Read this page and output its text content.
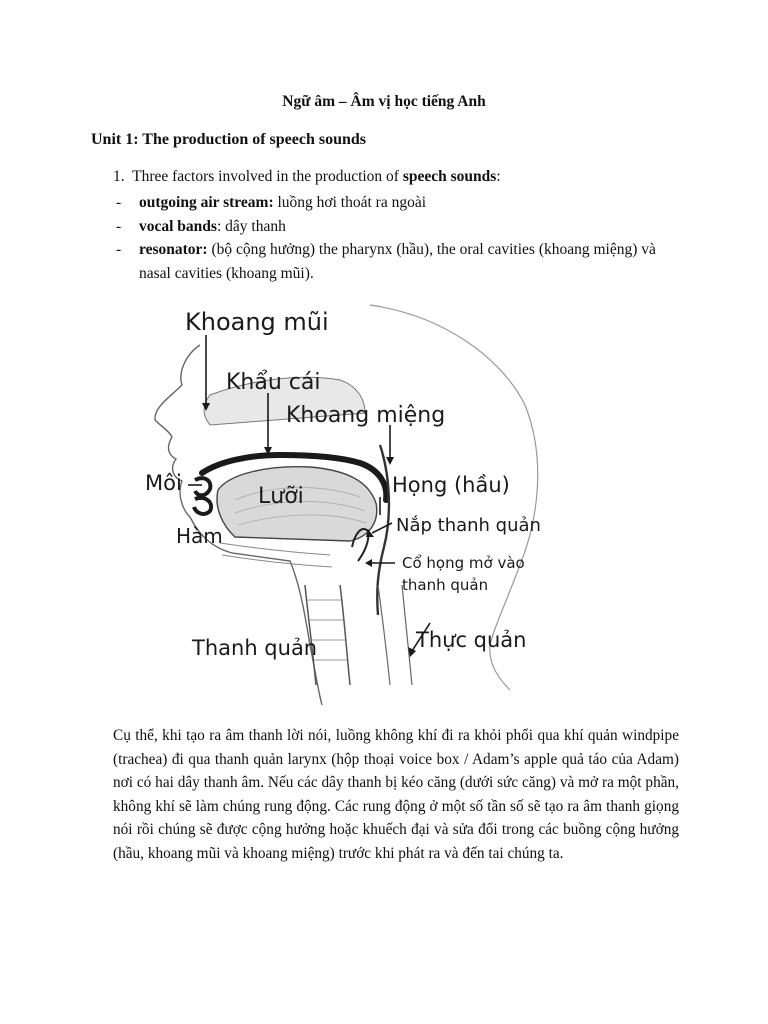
Ngữ âm – Âm vị học tiếng Anh
Unit 1: The production of speech sounds
1. Three factors involved in the production of speech sounds:
- outgoing air stream: luồng hơi thoát ra ngoài
- vocal bands: dây thanh
- resonator: (bộ cộng hưởng) the pharynx (hầu), the oral cavities (khoang miệng) và nasal cavities (khoang mũi).
Khoang mũi
Khẩu cái
Khoang miệng
Môi
Lưỡi	Họng (hầu)
Hàm	Nắp thanh quản
Cổ họng mở vào
thanh quản
Thanh quản	Thực quản
Cụ thể, khi tạo ra âm thanh lời nói, luồng không khí đi ra khỏi phổi qua khí quản windpipe (trachea) đi qua thanh quản larynx (hộp thoại voice box / Adam’s apple quả táo của Adam) nơi có hai dây thanh âm. Nếu các dây thanh bị kéo căng (dưới sức căng) và mở ra một phần, không khí sẽ làm chúng rung động. Các rung động ở một số tần số sẽ tạo ra âm thanh giọng nói rồi chúng sẽ được cộng hưởng hoặc khuếch đại và sửa đổi trong các buồng cộng hưởng (hầu, khoang mũi và khoang miệng) trước khi phát ra và đến tai chúng ta.
